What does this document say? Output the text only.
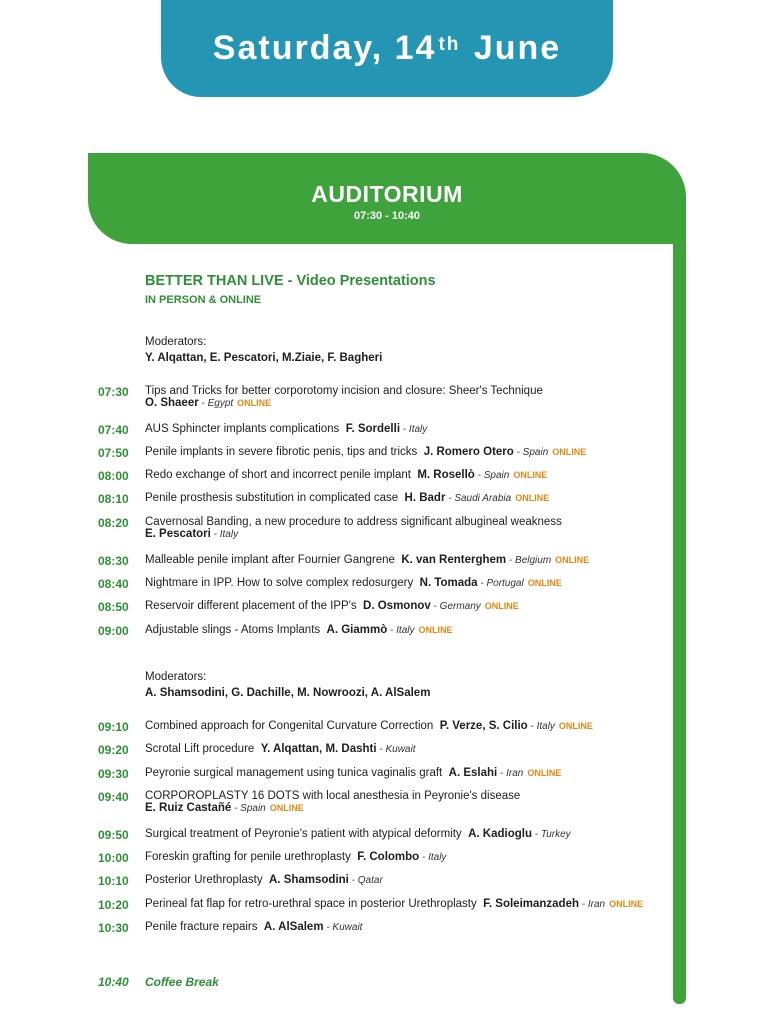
Saturday, 14th
June
AUDITORIUM
07:30 - 10:40
BETTER THAN LIVE - Video Presentations
IN PERSON & ONLINE
Moderators:
Y. Alqattan, E. Pescatori, M.Ziaie, F. Bagheri
Moderators:
A. Shamsodini, G. Dachille, M. Nowroozi, A. AlSalem
07:30 Tips and Tricks for better corporotomy incision and closure: Sheer's Technique
O. Shaeer - Egypt ONLINE
07:40 AUS Sphincter implants complications F. Sordelli - Italy
07:50 Penile implants in severe fibrotic penis, tips and tricks J. Romero Otero - Spain ONLINE
08:00 Redo exchange of short and incorrect penile implant M. Rosellò - Spain ONLINE
08:10 Penile prosthesis substitution in complicated case H. Badr - Saudi Arabia ONLINE
08:20 Cavernosal Banding, a new procedure to address significant albugineal weakness
E. Pescatori - Italy
08:30 Malleable penile implant after Fournier Gangrene K. van Renterghem - Belgium ONLINE
08:40 Nightmare in IPP. How to solve complex redosurgery N. Tomada - Portugal ONLINE
08:50 Reservoir different placement of the IPP's D. Osmonov - Germany ONLINE
09:00 Adjustable slings - Atoms Implants A. Giammò - Italy ONLINE
09:10 Combined approach for Congenital Curvature Correction P. Verze, S. Cilio - Italy ONLINE
09:20 Scrotal Lift procedure Y. Alqattan, M. Dashti - Kuwait
09:30 Peyronie surgical management using tunica vaginalis graft A. Eslahi - Iran ONLINE
09:40 CORPOROPLASTY 16 DOTS with local anesthesia in Peyronie's disease
E. Ruiz Castañé - Spain ONLINE
09:50 Surgical treatment of Peyronie's patient with atypical deformity A. Kadioglu - Turkey
10:00 Foreskin grafting for penile urethroplasty F. Colombo - Italy
10:10 Posterior Urethroplasty A. Shamsodini - Qatar
10:20 Perineal fat flap for retro-urethral space in posterior Urethroplasty F. Soleimanzadeh - Iran ONLINE
10:30 Penile fracture repairs A. AlSalem - Kuwait
10:40 Coffee Break
